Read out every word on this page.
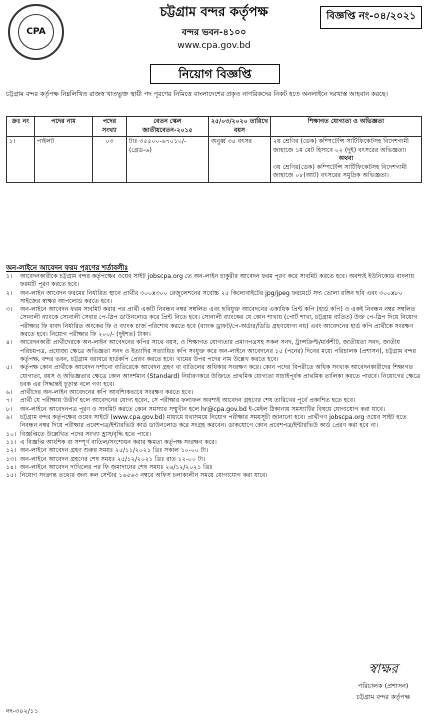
CPA
চট্টগ্রাম বন্দর কর্তৃপক্ষ
বন্দর ভবন-৪১০০
www.cpa.gov.bd
বিজ্ঞপ্তি নং-০৪/২০২১
নিয়োগ বিজ্ঞপ্তি

চট্টগ্রাম বন্দর কর্তৃপক্ষ নিম্নলিখিত রাজস্ব খাতভুক্ত স্থায়ী পদ পূরণের নিমিত্তে বাংলাদেশের প্রকৃত নাগরিকদের নিকট হতে অনলাইনে দরখাস্ত আহবান করছে।

ক্রঃ নং	পদের নাম	পদের সংখ্যা	বেতন স্কেল জাতীয়বেতন-২০১৫	২৫/০৩/২০২০ তারিখে বয়স	শিক্ষাগত যোগ্যতা ও অভিজ্ঞতা
১।	পাইলট	০৩	টাঃ ৩৫৫০০-৬৭০১০/- (গ্রেড-৬)	অনুর্ধ্ব ৩৫ বৎসর	২য় শ্রেণির (ডেক) কম্পিটেন্সি সার্টিফিকেটসহ বিদেশগামী জাহাজে ১ম মেট হিসাবে ০২ (দুই) বৎসরের অভিজ্ঞতা।
অথবা
৩য় শ্রেণির(ডেক) কম্পিটেন্সি সার্টিফিকেটসহ বিদেশগামী জাহাজে ০৮(আট) বৎসরের সমুদ্রিক অভিজ্ঞতা।
অন-লাইনে আবেদন ফরম পূরণের শর্তাবলীঃ
১।	আবেদনকারীকে চট্টগ্রাম বন্দর কর্তৃপক্ষের ওয়েব সাইট jobscpa.org তে অন-লাইন চাকুরীর আবেদন ফরম পূরণ করে সাবমিট করতে হবে। অবশ্যই ইউনিকোড বাংলায় ফরমটি পূরণ করতে হবে।
২।	অন-লাইন আবেদন ফরমের নির্ধারিত স্থানে প্রার্থীর ৩০০x৩০০ রেজুলেশনের সর্বোচ্চ ২৫ কিলোবাইটের jpg/jpeg ফরমেটে সদ্য তোলা রঙ্গিন ছবি এবং ৩০০x৮০ সাইজের স্বাক্ষর আপলোড করতে হবে।
৩।	অন-লাইনে আবেদন ফরম সাবমিট করার পর প্রার্থী একটি নিবন্ধন নম্বর সম্বলিত এবং ছবিযুক্ত আবেদনের একাধিক প্রিন্ট কপি (হার্ড কপি) ও একই নিবন্ধন নম্বর সম্বলিত সোনালী ব্যাংকে সোনালী সেবার পে-স্লিপ ডাউনলোড করে প্রিন্ট নিতে হবে। সোনালী ব্যাংকের যে কোন শাখায় (পোর্ট শাখা, চট্টগ্রাম ব্যতিত) উক্ত পে-স্লিপ দিয়ে নিয়োগ পরীক্ষার ফি বাবদ নির্ধারিত অংকের ফি ও ব্যাংক চার্জ পরিশোধ করতে হবে (ব্যাংক ড্রাফট/পে-অর্ডার/ডিডি গ্রহণযোগ্য নয়) এবং আবেদনের হার্ড কপি প্রার্থীকে সংরক্ষণ করতে হবে। নিয়োগ পরীক্ষার ফি ২০০/- (দুইশত) টাকা।
৪।	আবেদনকারী প্রার্থীদেরকে অন-লাইন আবেদনের কপির সাথে বয়স, ও শিক্ষাগত যোগ্যতার প্রমাণপত্রসহ সকল সনদ, ট্রান্সক্রিপ্ট/মার্কশীট, জাতীয়তা সনদ, জাতীয় পরিচয়পত্র, প্রযোজ্য ক্ষেত্রে অভিজ্ঞতা সনদ ও ইত্যাদির সত্যায়িত কপি সংযুক্ত করে অন-লাইনে আবেদনের ১৫ (পনের) দিনের মধ্যে পরিচালক (প্রশাসন), চট্টগ্রাম বন্দর কর্তৃপক্ষ, বন্দর ভবন, চট্টগ্রাম বরাবরে হার্ডকপি প্রেরণ করতে হবে। খামের উপর পদের নাম উল্লেখ করতে হবে।
৫।	কর্তৃপক্ষ কোন প্রার্থীকে আবেদন দর্শানো ব্যতিরেকে আবেদন গ্রহণ বা বাতিলের অধিকার সংরক্ষণ করে। কোন পদের বিপরীতে অধিক সংখ্যক আবেদনকারীদের শিক্ষাগত যোগ্যতা, বয়স ও অভিজ্ঞতার ক্ষেত্রে কোন আদর্শমান (Standard) নির্ধারণকরে উক্তিতে প্রাথমিক যোগ্যতা যাচাইপূর্বক প্রাথমিক তালিকা করতে পারবে। নিয়োগের ক্ষেত্রে চবক এর সিদ্ধান্তই চূড়ান্ত বলে গণ্য হবে।
৬।	প্রার্থীদের অন-লাইন আবেদনের কপি আবশ্যিকভাবে সংরক্ষণ করতে হবে।
৭।	প্রার্থী যে পরীক্ষায় উত্তীর্ণ হলে আবেদনের যোগ্য হবেন, সে পরীক্ষার ফলাফল অবশ্যই আবেদন গ্রহণের শেষ তারিখের পূর্বে প্রকাশিত হতে হবে।
৮।	অন-লাইনে আবেদনপত্র পূরণ ও সাবমিট করতে কোন সমস্যার সম্মুখীন হলে hr@cpa.gov.bd ই-মেইল ঠিকানায় সমস্যাটির বিষয়ে যোগাযোগ করা যাবে।
৯।	চট্টগ্রাম বন্দর কর্তৃপক্ষের ওয়েব সাইটে (www.cpa.gov.bd) মাধ্যমে যথাসময়ে নিয়োগ পরীক্ষার সময়সূচী জানানো হবে। প্রার্থীগণ jobscpa.org ওয়েব সাইট হতে নিবন্ধন নম্বর দিয়ে পরীক্ষার প্রবেশপত্র/ইন্টারভিউ কার্ড ডাউনলোড করে সংগ্রহ করবেন। ডাকযোগে কোন প্রবেশপত্র/ইন্টারভিউ কার্ড প্রেরণ করা হবে না।
১০। বিজ্ঞপ্তিতে উল্লেখিত পদের সংখ্যা হ্রাস/বৃদ্ধি হতে পারে।
১১। এ বিজ্ঞপ্তি আংশিক বা সম্পূর্ণ বাতিল/সংশোধন করার ক্ষমতা কর্তৃপক্ষ সংরক্ষণ করে।
১২। অন-লাইনে আবেদন গ্রহণ শুরুর সময়ঃ ২৫/১১/২০২১ খ্রিঃ সকাল ১০-০০ টা।
১৩। অন-লাইনে আবেদন গ্রহণের শেষ সময়ঃ ২৫/১২/২০২১ খ্রিঃ রাত ১২-০০ টা।
১৪। অন-লাইনে আবেদন দাখিলের পর ফি জমাদানের শেষ সময়ঃ ২৬/১২/২০২১ খ্রিঃ
১৫। নিয়োগ সংক্রান্ত তথ্যের জন্য কল সেন্টার ১৬৫৬৩ নম্বরে অফিস চলাকালীন সময়ে যোগাযোগ করা যাবে।
স্বাক্ষর
পরিচালক (প্রশাসন)
চট্টগ্রাম বন্দর কর্তৃপক্ষ
নং-৩০২/১১
